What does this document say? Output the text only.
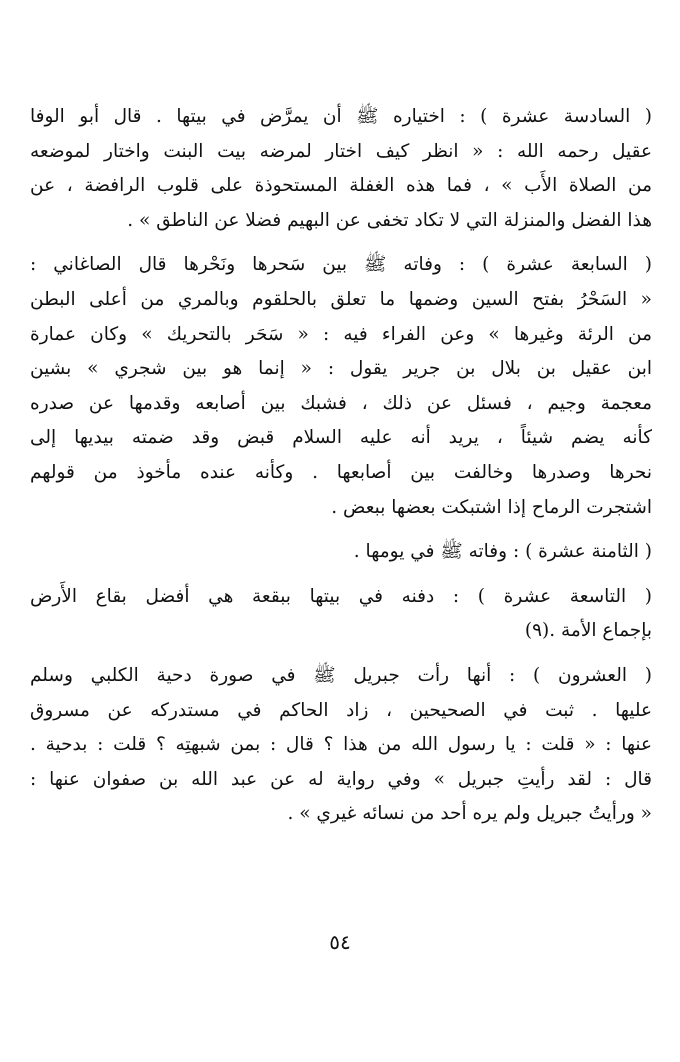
( السادسة عشرة ) : اختياره ﷺ أن يمرَّض في بيتها . قال أبو الوفا
عقيل رحمه الله : « انظر كيف اختار لمرضه بيت البنت واختار لموضعه
من الصلاة الأَب » ، فما هذه الغفلة المستحوذة على قلوب الرافضة ، عن
هذا الفضل والمنزلة التي لا تكاد تخفى عن البهيم فضلا عن الناطق » .
( السابعة عشرة ) : وفاته ﷺ بين سَحرها ونَحْرها قال الصاغاني :
« السَحْرُ بفتح السين وضمها ما تعلق بالحلقوم وبالمري من أعلى البطن
من الرئة وغيرها » وعن الفراء فيه : « سَحَر بالتحريك » وكان عمارة
ابن عقيل بن بلال بن جرير يقول : « إنما هو بين شجري » بشين
معجمة وجيم ، فسئل عن ذلك ، فشبك بين أصابعه وقدمها عن صدره
كأنه يضم شيئاً ، يريد أنه عليه السلام قبض وقد ضمته بيديها إلى
نحرها وصدرها وخالفت بين أصابعها . وكأنه عنده مأخوذ من قولهم
اشتجرت الرماح إذا اشتبكت بعضها ببعض .
( الثامنة عشرة ) : وفاته ﷺ في يومها .
( التاسعة عشرة ) : دفنه في بيتها ببقعة هي أفضل بقاع الأَرض
بإجماع الأمة .(٩)
( العشرون ) : أنها رأت جبريل ﷺ في صورة دحية الكلبي وسلم
عليها . ثبت في الصحيحين ، زاد الحاكم في مستدركه عن مسروق
عنها : « قلت : يا رسول الله من هذا ؟ قال : بمن شبهتِه ؟ قلت : بدحية .
قال : لقد رأيتِ جبريل » وفي رواية له عن عبد الله بن صفوان عنها :
« ورأيتُ جبريل ولم يره أحد من نسائه غيري » .
٥٤
